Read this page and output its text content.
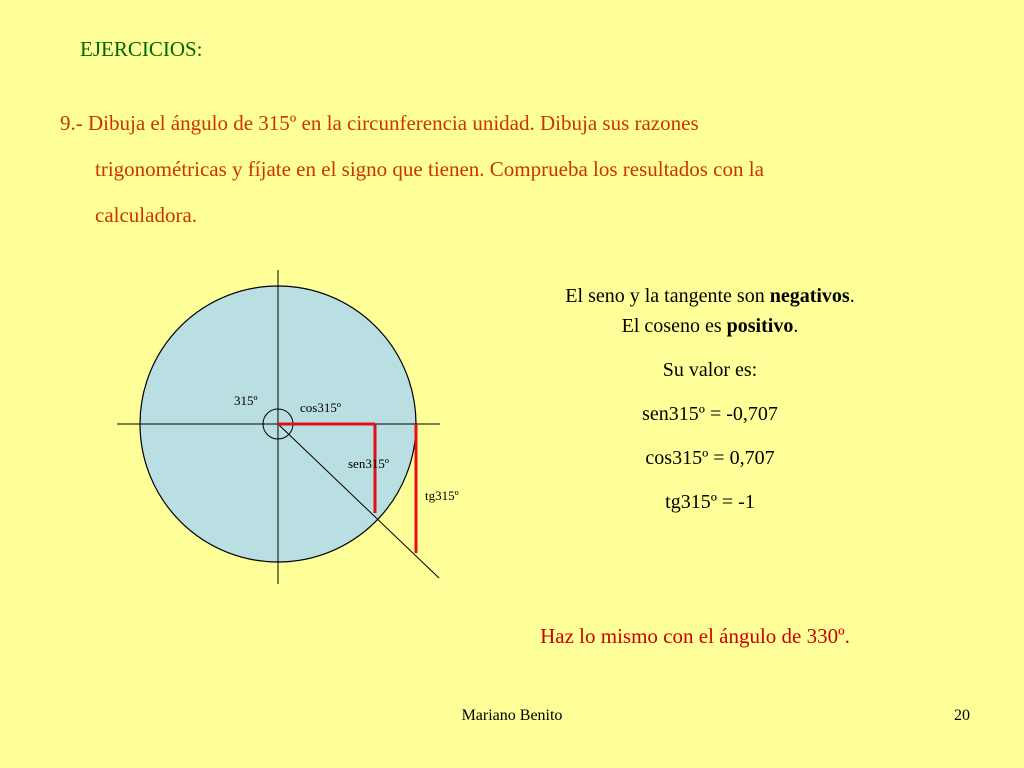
EJERCICIOS:
9.- Dibuja el ángulo de 315º en la circunferencia unidad. Dibuja sus razones
trigonométricas y fíjate en el signo que tienen. Comprueba los resultados con la
calculadora.
315º	cos315º
sen315º
tg315º

El seno y la tangente son negativos. El coseno es positivo.

Su valor es:

sen315º = -0,707

cos315º = 0,707

tg315º = -1

Haz lo mismo con el ángulo de 330º.
Mariano Benito	20
